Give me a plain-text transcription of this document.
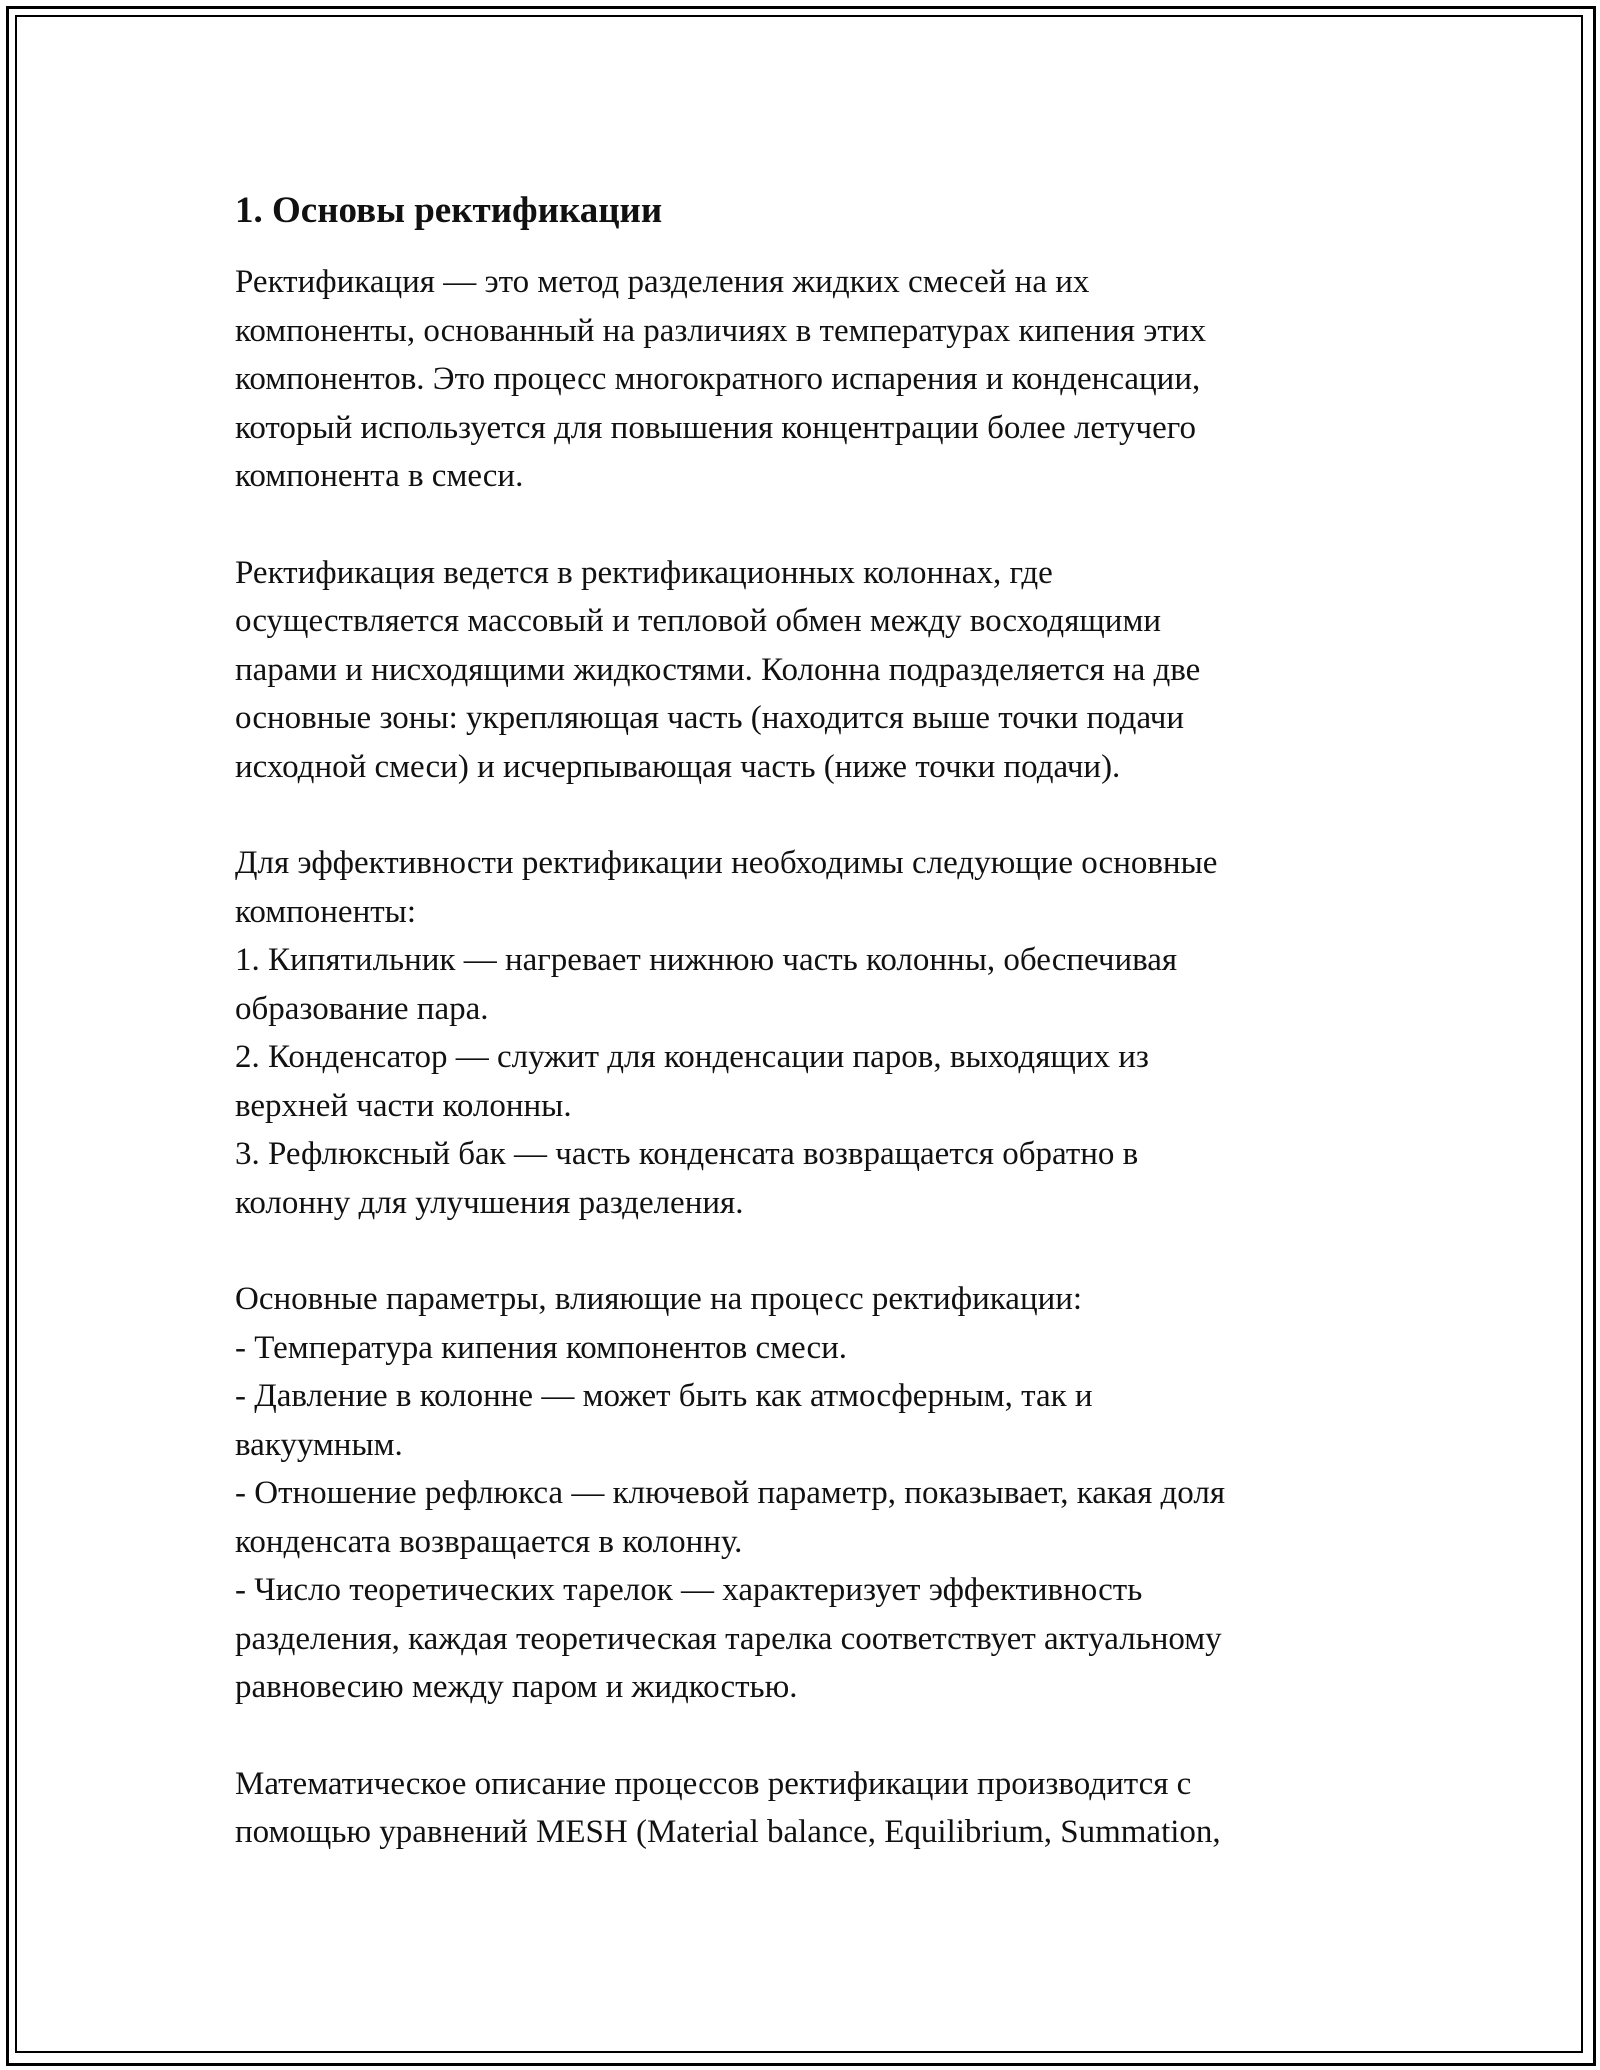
1. Основы ректификации
Ректификация — это метод разделения жидких смесей на их
компоненты, основанный на различиях в температурах кипения этих
компонентов. Это процесс многократного испарения и конденсации,
который используется для повышения концентрации более летучего
компонента в смеси.
Ректификация ведется в ректификационных колоннах, где
осуществляется массовый и тепловой обмен между восходящими
парами и нисходящими жидкостями. Колонна подразделяется на две
основные зоны: укрепляющая часть (находится выше точки подачи
исходной смеси) и исчерпывающая часть (ниже точки подачи).
Для эффективности ректификации необходимы следующие основные
компоненты:
1. Кипятильник — нагревает нижнюю часть колонны, обеспечивая
образование пара.
2. Конденсатор — служит для конденсации паров, выходящих из
верхней части колонны.
3. Рефлюксный бак — часть конденсата возвращается обратно в
колонну для улучшения разделения.
Основные параметры, влияющие на процесс ректификации:
- Температура кипения компонентов смеси.
- Давление в колонне — может быть как атмосферным, так и
вакуумным.
- Отношение рефлюкса — ключевой параметр, показывает, какая доля
конденсата возвращается в колонну.
- Число теоретических тарелок — характеризует эффективность
разделения, каждая теоретическая тарелка соответствует актуальному
равновесию между паром и жидкостью.
Математическое описание процессов ректификации производится с
помощью уравнений MESH (Material balance, Equilibrium, Summation,
